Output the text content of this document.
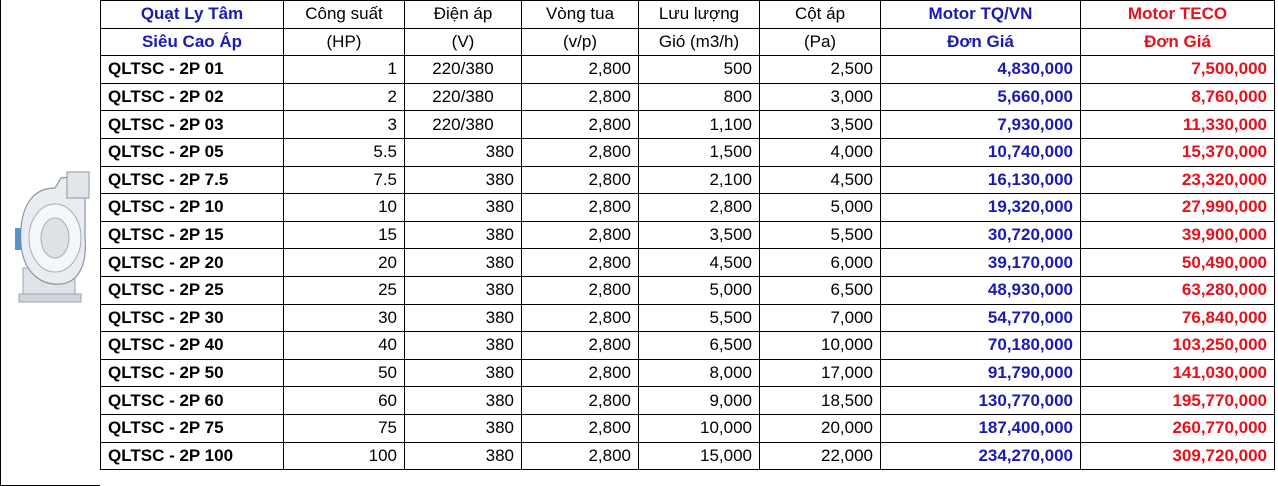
Quạt Ly Tâm	Công suất	Điện áp	Vòng tua	Lưu lượng	Cột áp	Motor TQ/VN	Motor TECO
Siêu Cao Áp	(HP)	(V)	(v/p)	Gió (m3/h)	(Pa)	Đơn Giá	Đơn Giá
QLTSC - 2P 01	1	220/380	2,800	500	2,500	4,830,000	7,500,000
QLTSC - 2P 02	2	220/380	2,800	800	3,000	5,660,000	8,760,000
QLTSC - 2P 03	3	220/380	2,800	1,100	3,500	7,930,000	11,330,000
QLTSC - 2P 05	5.5	380	2,800	1,500	4,000	10,740,000	15,370,000
QLTSC - 2P 7.5	7.5	380	2,800	2,100	4,500	16,130,000	23,320,000
QLTSC - 2P 10	10	380	2,800	2,800	5,000	19,320,000	27,990,000
QLTSC - 2P 15	15	380	2,800	3,500	5,500	30,720,000	39,900,000
QLTSC - 2P 20	20	380	2,800	4,500	6,000	39,170,000	50,490,000
QLTSC - 2P 25	25	380	2,800	5,000	6,500	48,930,000	63,280,000
QLTSC - 2P 30	30	380	2,800	5,500	7,000	54,770,000	76,840,000
QLTSC - 2P 40	40	380	2,800	6,500	10,000	70,180,000	103,250,000
QLTSC - 2P 50	50	380	2,800	8,000	17,000	91,790,000	141,030,000
QLTSC - 2P 60	60	380	2,800	9,000	18,500	130,770,000	195,770,000
QLTSC - 2P 75	75	380	2,800	10,000	20,000	187,400,000	260,770,000
QLTSC - 2P 100	100	380	2,800	15,000	22,000	234,270,000	309,720,000
